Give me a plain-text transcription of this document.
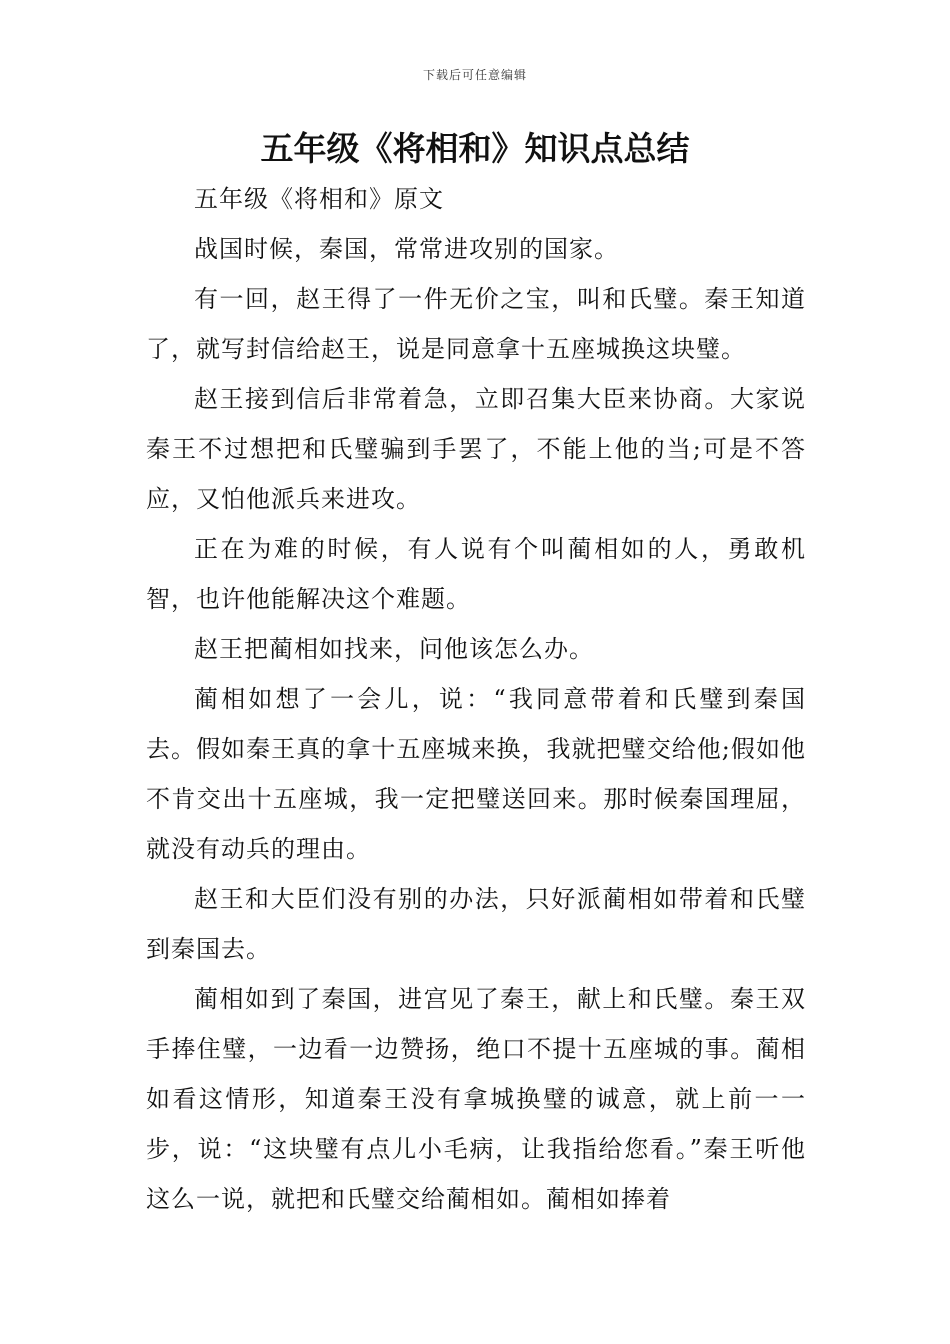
下载后可任意编辑
五年级《将相和》知识点总结

五年级《将相和》原文

战国时候，秦国，常常进攻别的国家。

有一回，赵王得了一件无价之宝，叫和氏璧。秦王知道了，就写封信给赵王，说是同意拿十五座城换这块璧。

赵王接到信后非常着急，立即召集大臣来协商。大家说秦王不过想把和氏璧骗到手罢了，不能上他的当;可是不答应，又怕他派兵来进攻。

正在为难的时候，有人说有个叫蔺相如的人，勇敢机智，也许他能解决这个难题。

赵王把蔺相如找来，问他该怎么办。

蔺相如想了一会儿，说：“我同意带着和氏璧到秦国去。假如秦王真的拿十五座城来换，我就把璧交给他;假如他不肯交出十五座城，我一定把璧送回来。那时候秦国理屈，就没有动兵的理由。

赵王和大臣们没有别的办法，只好派蔺相如带着和氏璧到秦国去。

蔺相如到了秦国，进宫见了秦王，献上和氏璧。秦王双手捧住璧，一边看一边赞扬，绝口不提十五座城的事。蔺相如看这情形，知道秦王没有拿城换璧的诚意，就上前一一步，说：“这块璧有点儿小毛病，让我指给您看。”秦王听他这么一说，就把和氏璧交给蔺相如。蔺相如捧着
